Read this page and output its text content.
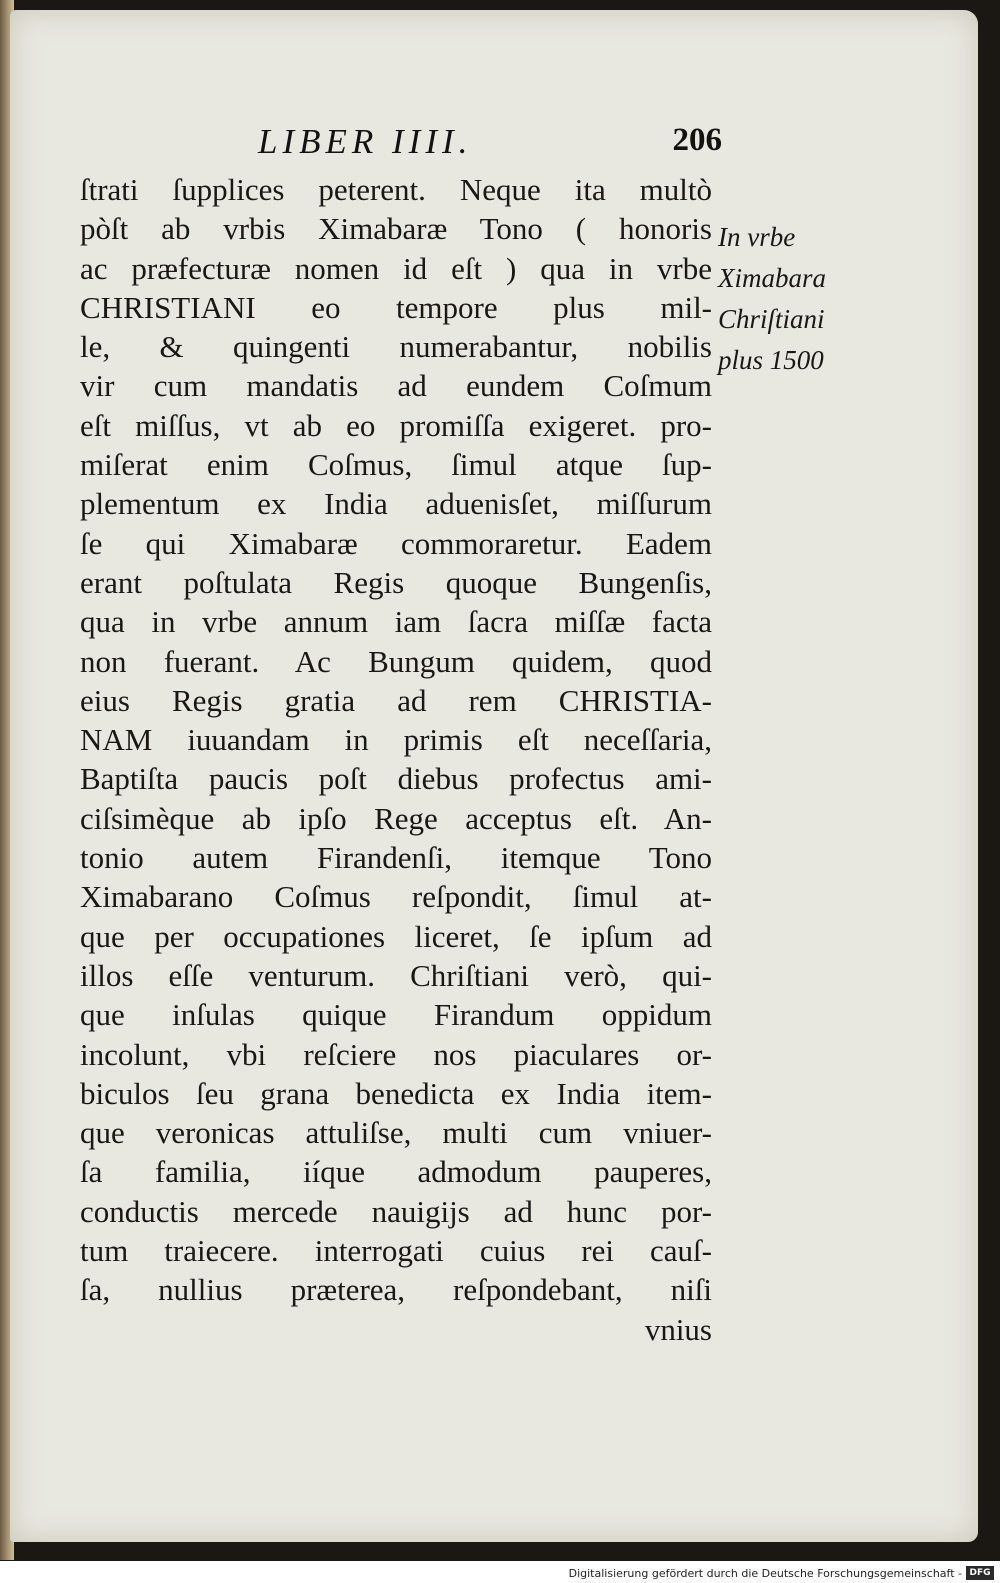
LIBER IIII.	206
ſtrati ſupplices peterent. Neque ita multò
pòſt ab vrbis Ximabaræ Tono ( honoris
ac præfecturæ nomen id eſt ) qua in vrbe
CHRISTIANI eo tempore plus mil-
le, & quingenti numerabantur, nobilis
vir cum mandatis ad eundem Coſmum
eſt miſſus, vt ab eo promiſſa exigeret. pro-
miſerat enim Coſmus, ſimul atque ſup-
plementum ex India aduenisſet, miſſurum
ſe qui Ximabaræ commoraretur. Eadem
erant poſtulata Regis quoque Bungenſis,
qua in vrbe annum iam ſacra miſſæ facta
non fuerant. Ac Bungum quidem, quod
eius Regis gratia ad rem CHRISTIA-
NAM iuuandam in primis eſt neceſſaria,
Baptiſta paucis poſt diebus profectus ami-
ciſsimèque ab ipſo Rege acceptus eſt. An-
tonio autem Firandenſi, itemque Tono
Ximabarano Coſmus reſpondit, ſimul at-
que per occupationes liceret, ſe ipſum ad
illos eſſe venturum. Chriſtiani verò, qui-
que inſulas quique Firandum oppidum
incolunt, vbi reſciere nos piaculares or-
biculos ſeu grana benedicta ex India item-
que veronicas attuliſse, multi cum vniuer-
ſa familia, iíque admodum pauperes,
conductis mercede nauigijs ad hunc por-
tum traiecere. interrogati cuius rei cauſ-
ſa, nullius præterea, reſpondebant, niſi
vnius
In vrbe
Ximabara
Chriſtiani
plus 1500
Digitalisierung gefördert durch die Deutsche Forschungsgemeinschaft - DFG
